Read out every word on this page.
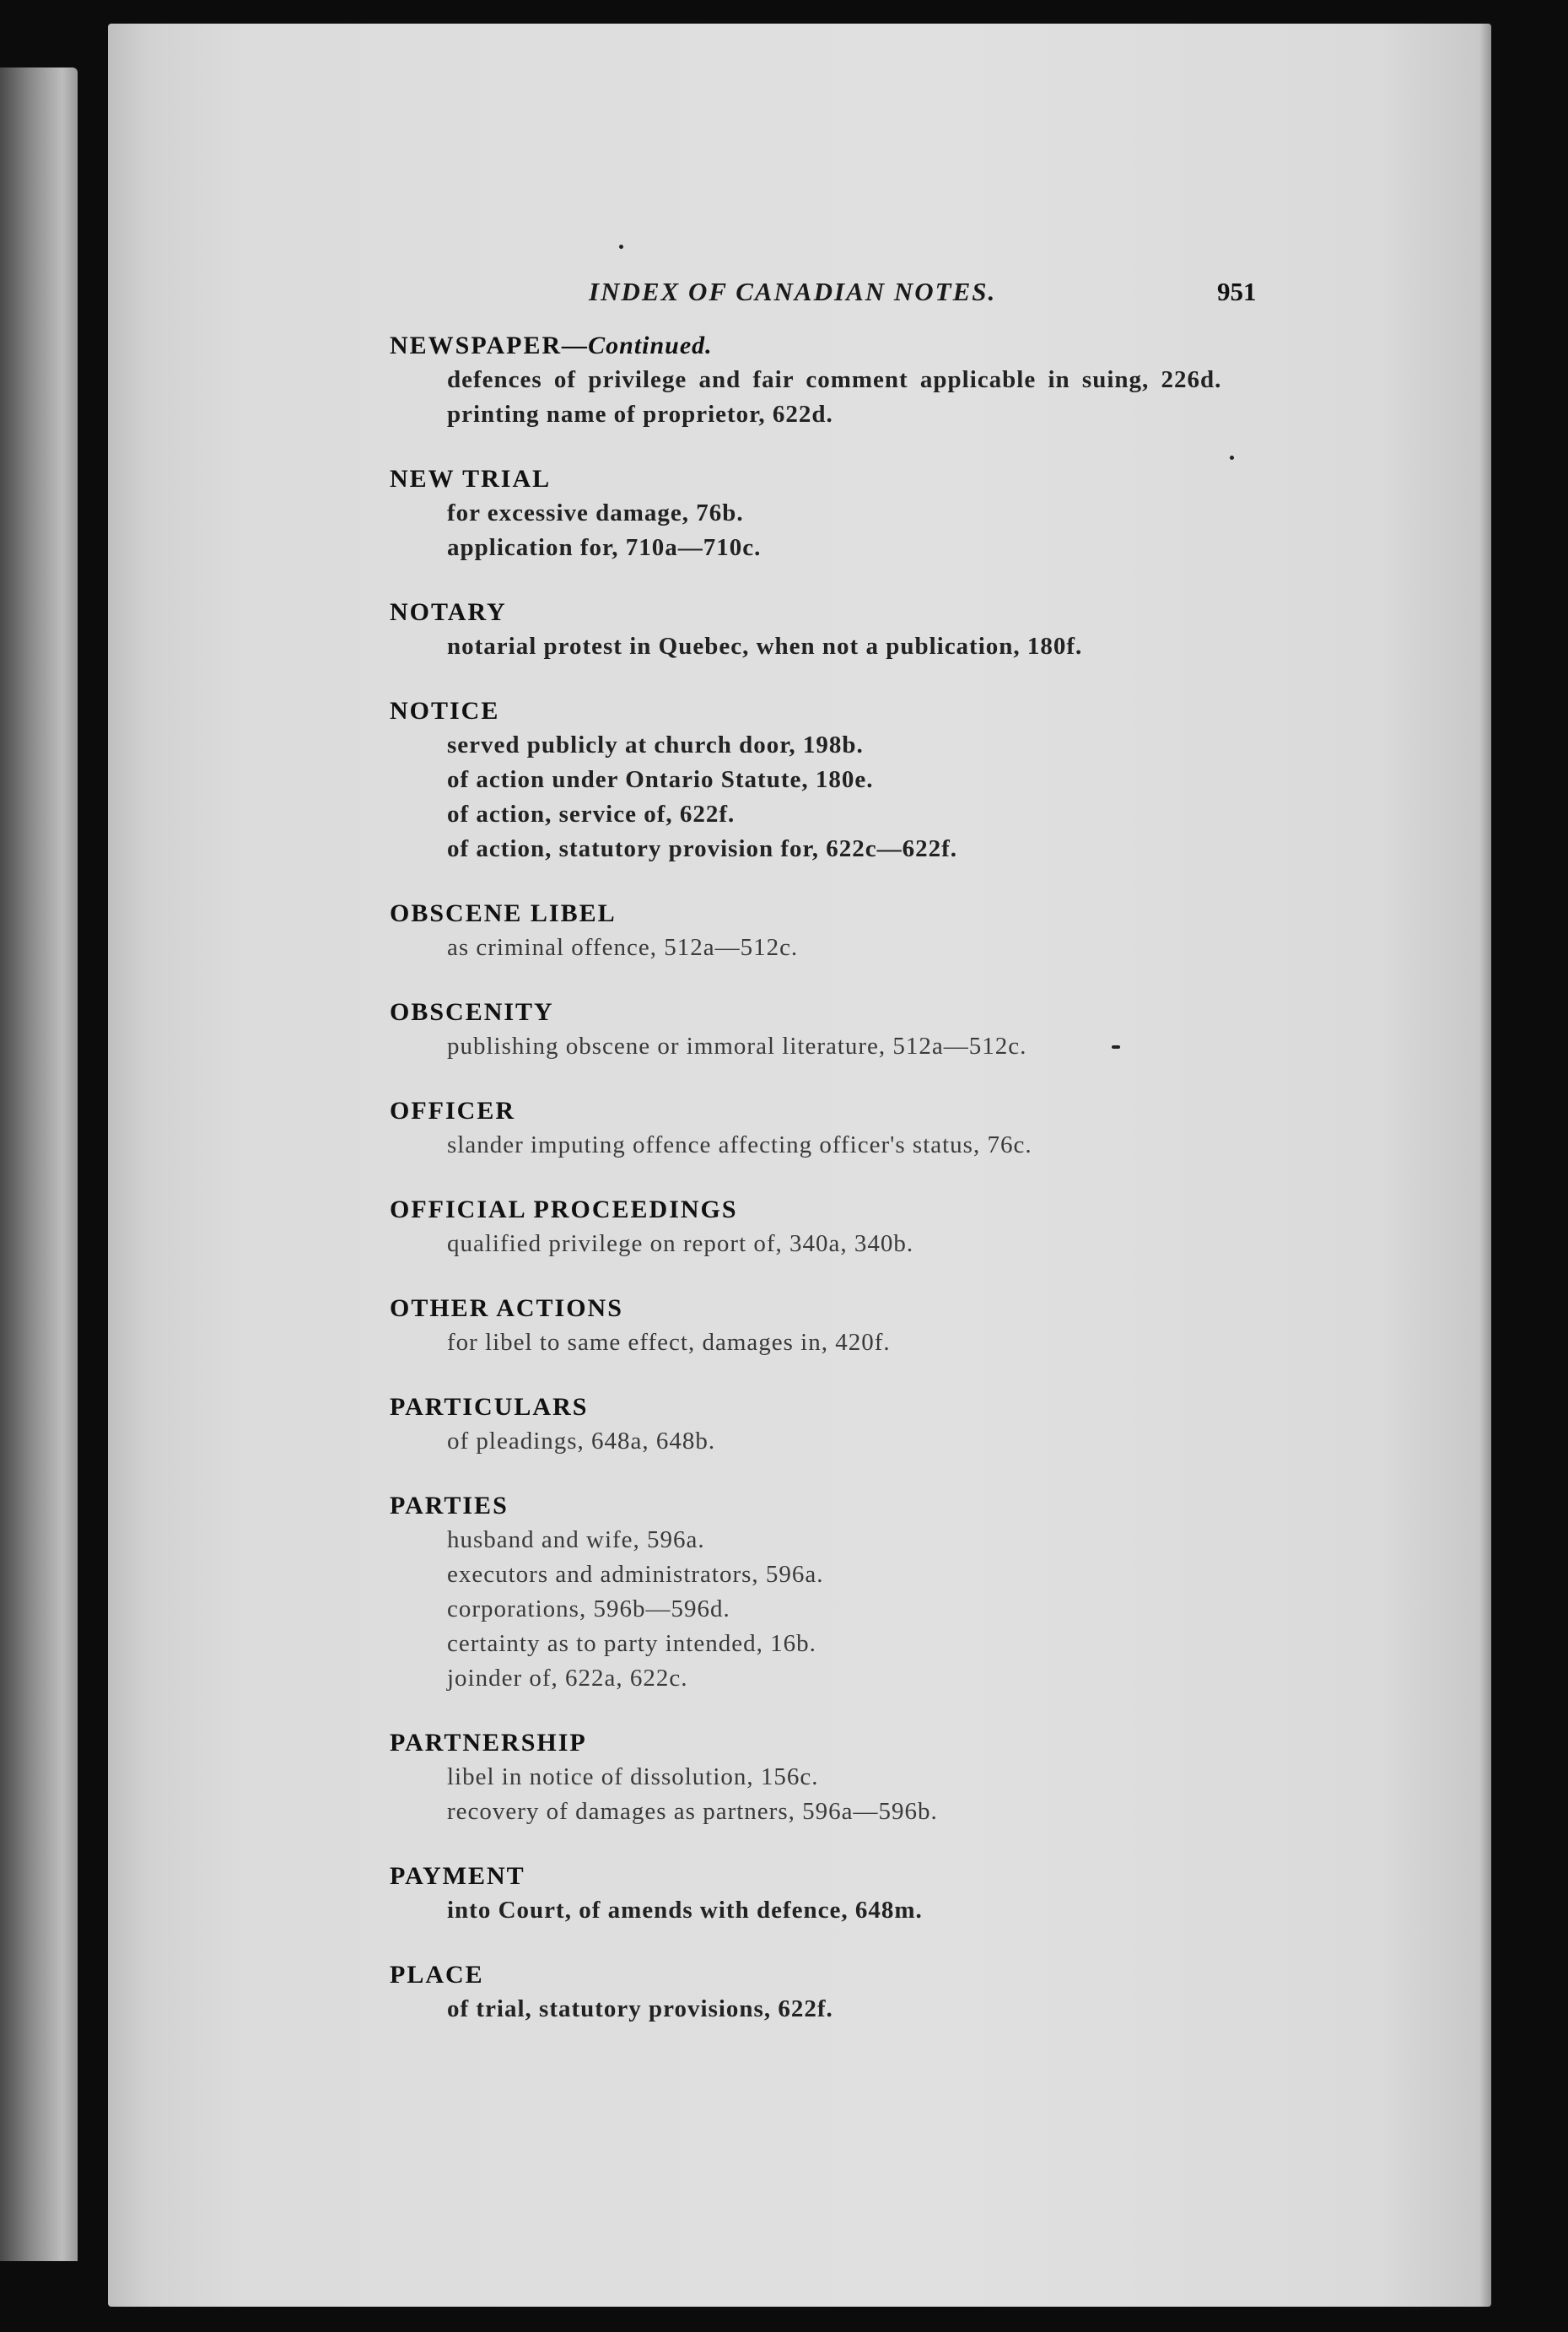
INDEX OF CANADIAN NOTES.	951
NEWSPAPER—Continued.
defences of privilege and fair comment applicable in suing, 226d.
printing name of proprietor, 622d.
NEW TRIAL
for excessive damage, 76b.
application for, 710a—710c.
NOTARY
notarial protest in Quebec, when not a publication, 180f.
NOTICE
served publicly at church door, 198b.
of action under Ontario Statute, 180e.
of action, service of, 622f.
of action, statutory provision for, 622c—622f.
OBSCENE LIBEL
as criminal offence, 512a—512c.
OBSCENITY
publishing obscene or immoral literature, 512a—512c.
OFFICER
slander imputing offence affecting officer's status, 76c.
OFFICIAL PROCEEDINGS
qualified privilege on report of, 340a, 340b.
OTHER ACTIONS
for libel to same effect, damages in, 420f.
PARTICULARS
of pleadings, 648a, 648b.
PARTIES
husband and wife, 596a.
executors and administrators, 596a.
corporations, 596b—596d.
certainty as to party intended, 16b.
joinder of, 622a, 622c.
PARTNERSHIP
libel in notice of dissolution, 156c.
recovery of damages as partners, 596a—596b.
PAYMENT
into Court, of amends with defence, 648m.
PLACE
of trial, statutory provisions, 622f.
